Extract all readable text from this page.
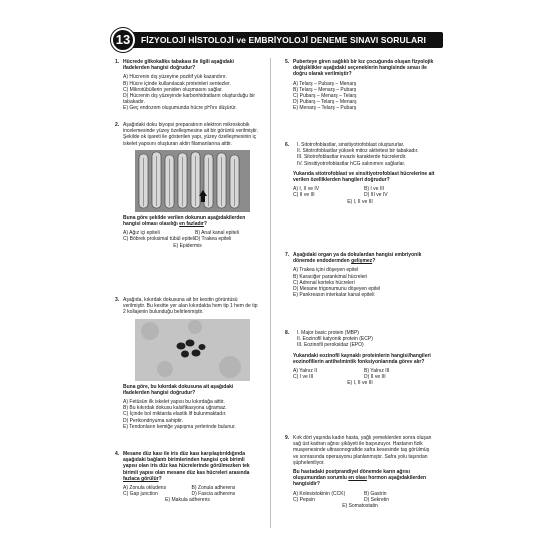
13	FİZYOLOJİ HİSTOLOJİ ve EMBRİYOLOJİ DENEME SINAVI SORULARI
1. Hücrede glikokaliks tabakası ile ilgili aşağıdaki ifadelerden hangisi doğrudur?
A) Hücrenin dış yüzeyine pozitif yük kazandırır.
B) Hücre içinde kullanılacak proteinleri sentezler.
C) Mikrotübüllerin yeniden oluşmasını sağlar.
D) Hücrenin dış yüzeyinde karbonhidratların oluşturduğu bir tabakadır.
E) Geç endozom oluşumunda hücre pH'ını düşürür.
2. Aşağıdaki doku biyopsi preparatının elektron mikroskobik incelemesinde yüzey özelleşmesine ait bir görüntü verilmiştir. Şekilde ok işareti ile gösterilen yapı, yüzey özelleşmesinin iç iskelet yapısını oluşturan aktin filamanlarına aittir.
Buna göre şekilde verilen dokunun aşağıdakilerden hangisi olması olasılığı en fazladır?
A) Ağız içi epiteli	B) Anal kanal epiteli
C) Böbrek proksimal tübül epiteli D) Trakea epiteli
E) Epidermis
3. Aşağıda, kıkırdak dokusuna ait bir kesitin görüntüsü verilmiştir. Bu kesitte yer alan kıkırdakta hem tip 1 hem de tip 2 kollajenin bulunduğu belirlenmiştir.
Buna göre, bu kıkırdak dokusuna ait aşağıdaki ifadelerden hangisi doğrudur?
A) Fetüsün ilk iskelet yapısı bu kıkırdağa aittir.
B) Bu kıkırdak dokusu kalsifikasyona uğramaz.
C) İçinde bol miktarda elastik lif bulunmaktadır.
D) Perikondriyuma sahiptir.
E) Tendonların kemiğe yapışma yerlerinde bulunur.
4. Mesane düz kası ile iris düz kası karşılaştırıldığında aşağıdaki bağlantı birimlerinden hangisi çok birimli yapısı olan iris düz kas hücrelerinde görülmezken tek birimli yapısı olan mesane düz kas hücreleri arasında fazlaca görülür?
A) Zonula okludens	B) Zonula adherens
C) Gap junction	D) Fascia adherens
E) Makula adherens
5. Puberteye giren sağlıklı bir kız çocuğunda oluşan fizyolojik değişiklikler aşağıdaki seçeneklerin hangisinde sırası ile doğru olarak verilmiştir?
A) Telarş – Pubarş – Menarş
B) Telarş – Menarş – Pubarş
C) Pubarş – Menarş – Telarş
D) Pubarş – Telarş – Menarş
E) Menarş – Telarş – Pubarş
6. I. Sitotrofoblastlar, sinsitiyotrofoblast oluştururlar.
II. Sitotrofoblastlar yüksek mitoz aktivitesi bir tabakadır.
III. Sitotrofoblastlar invaziv karakterde hücrelerdir.
IV. Sinsitiyotrofoblastlar hCG salınımını sağlarlar.
Yukarıda sitotrofoblast ve sinsitiyotrofoblast hücrelerine ait verilen özelliklerden hangileri doğrudur?
A) I, II ve IV	B) I ve III
C) II ve III	D) III ve IV
E) I, II ve III
7. Aşağıdaki organ ya da dokulardan hangisi embriyonik dönemde endodermden gelişmez?
A) Trakea içini döşeyen epitel
B) Karaciğer parankimal hücreleri
C) Adrenal korteks hücreleri
D) Mesane trigonumunu döşeyen epitel
E) Pankreasın interkalar kanal epiteli
8. I. Major basic protein (MBP)
II. Eozinofil katyonik protein (ECP)
III. Eozinofil peroksidaz (EPO)
Yukarıdaki eozinofil kaynaklı proteinlerin hangisi/hangileri eozinofillerin antihelmintik fonksiyonlarında görev alır?
A) Yalnız II	B) Yalnız III
C) I ve III	D) II ve III
E) I, II ve III
9. Kırk dört yaşında kadın hasta, yağlı yemeklerden sonra oluşan sağ üst kadran ağrısı şikâyeti ile başvuruyor. Hastanın fizik muayenesinde ultrasonografide safra kesesinde taş görülmüş ve sonrasında operasyonu planlanmıştır. Safra yolu taşından şüpheleniliyor.
Bu hastadaki postprandiyel dönemde karın ağrısı oluşumundan sorumlu en olası hormon aşağıdakilerden hangisidir?
A) Kolesistokinin (CCK)	B) Gastrin
C) Pepsin	D) Sekretin
E) Somatostatin
